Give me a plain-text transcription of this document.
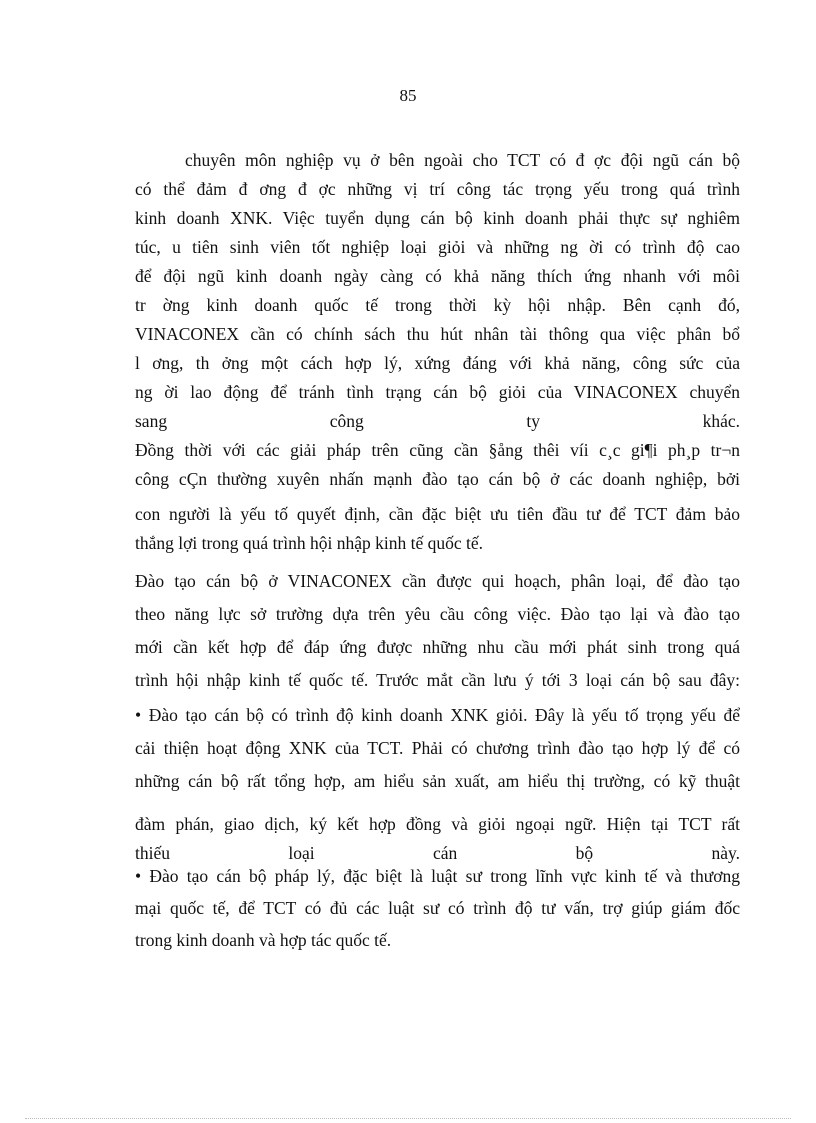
85
chuyên môn nghiệp vụ ở bên ngoài cho TCT có đ ợc đội ngũ cán bộ
có thể đảm đ ơng đ ợc những vị trí công tác trọng yếu trong quá trình
kinh doanh XNK. Việc tuyển dụng cán bộ kinh doanh phải thực sự nghiêm
túc, u tiên sinh viên tốt nghiệp loại giỏi và những ng ời có trình độ cao
để đội ngũ kinh doanh ngày càng có khả năng thích ứng nhanh với môi
tr ờng kinh doanh quốc tế trong thời kỳ hội nhập. Bên cạnh đó,
VINACONEX cần có chính sách thu hút nhân tài thông qua việc phân bổ
l ơng, th ởng một cách hợp lý, xứng đáng với khả năng, công sức của
ng ời lao động để tránh tình trạng cán bộ giỏi của VINACONEX chuyển
sang công ty khác.
Đồng thời với các giải pháp trên cũng cần §ång thêi víi c¸c gi¶i ph¸p tr¬n
công cÇn thường xuyên nhấn mạnh đào tạo cán bộ ở các doanh nghiệp, bởi
con người là yếu tố quyết định, cần đặc biệt ưu tiên đầu tư để TCT đảm bảo
thắng lợi trong quá trình hội nhập kinh tế quốc tế.
Đào tạo cán bộ ở VINACONEX cần được qui hoạch, phân loại, để đào tạo
theo năng lực sở trường dựa trên yêu cầu công việc. Đào tạo lại và đào tạo
mới cần kết hợp để đáp ứng được những nhu cầu mới phát sinh trong quá
trình hội nhập kinh tế quốc tế. Trước mắt cần lưu ý tới 3 loại cán bộ sau đây:
• Đào tạo cán bộ có trình độ kinh doanh XNK giỏi. Đây là yếu tố trọng yếu để
cải thiện hoạt động XNK của TCT. Phải có chương trình đào tạo hợp lý để có
những cán bộ rất tổng hợp, am hiểu sản xuất, am hiểu thị trường, có kỹ thuật
đàm phán, giao dịch, ký kết hợp đồng và giỏi ngoại ngữ. Hiện tại TCT rất
thiếu loại cán bộ này.
• Đào tạo cán bộ pháp lý, đặc biệt là luật sư trong lĩnh vực kinh tế và thương
mại quốc tế, để TCT có đủ các luật sư có trình độ tư vấn, trợ giúp giám đốc
trong kinh doanh và hợp tác quốc tế.
